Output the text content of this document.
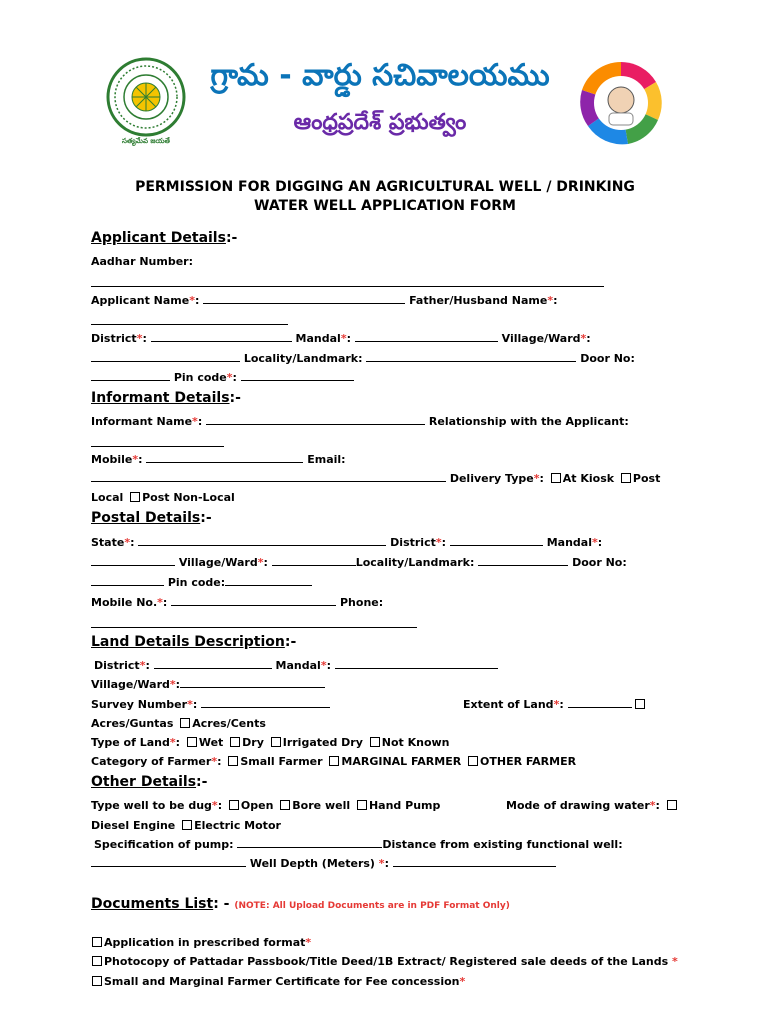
సత్యమేవ జయతే
గ్రామ - వార్డు సచివాలయము
ఆంధ్రప్రదేశ్ ప్రభుత్వం
PERMISSION FOR DIGGING AN AGRICULTURAL WELL / DRINKING
WATER WELL APPLICATION FORM
Applicant Details:-
Aadhar Number:
Applicant Name*:	Father/Husband Name*:
District*:	Mandal*:	Village/Ward*:
Locality/Landmark:	Door No:
Pin code*:
Informant Details:-
Informant Name*:	Relationship with the Applicant:
Mobile*:	Email:
Delivery Type*: At Kiosk Post
Local Post Non-Local
Postal Details:-
State*:	District*:	Mandal*:
Village/Ward*:	Locality/Landmark:	Door No:
Pin code:
Mobile No.*:	Phone:
Land Details Description:-
District*:	Mandal*:
Village/Ward*:
Survey Number*:	Extent of Land*:
Acres/Guntas Acres/Cents
Type of Land*: Wet Dry Irrigated Dry Not Known
Category of Farmer*: Small Farmer MARGINAL FARMER OTHER FARMER
Other Details:-
Type well to be dug*: Open Bore well Hand Pump	Mode of drawing water*:
Diesel Engine Electric Motor
Specification of pump:	Distance from existing functional well:
Well Depth (Meters) *:
Documents List: - (NOTE: All Upload Documents are in PDF Format Only)
Application in prescribed format*
Photocopy of Pattadar Passbook/Title Deed/1B Extract/ Registered sale deeds of the Lands *
Small and Marginal Farmer Certificate for Fee concession*
